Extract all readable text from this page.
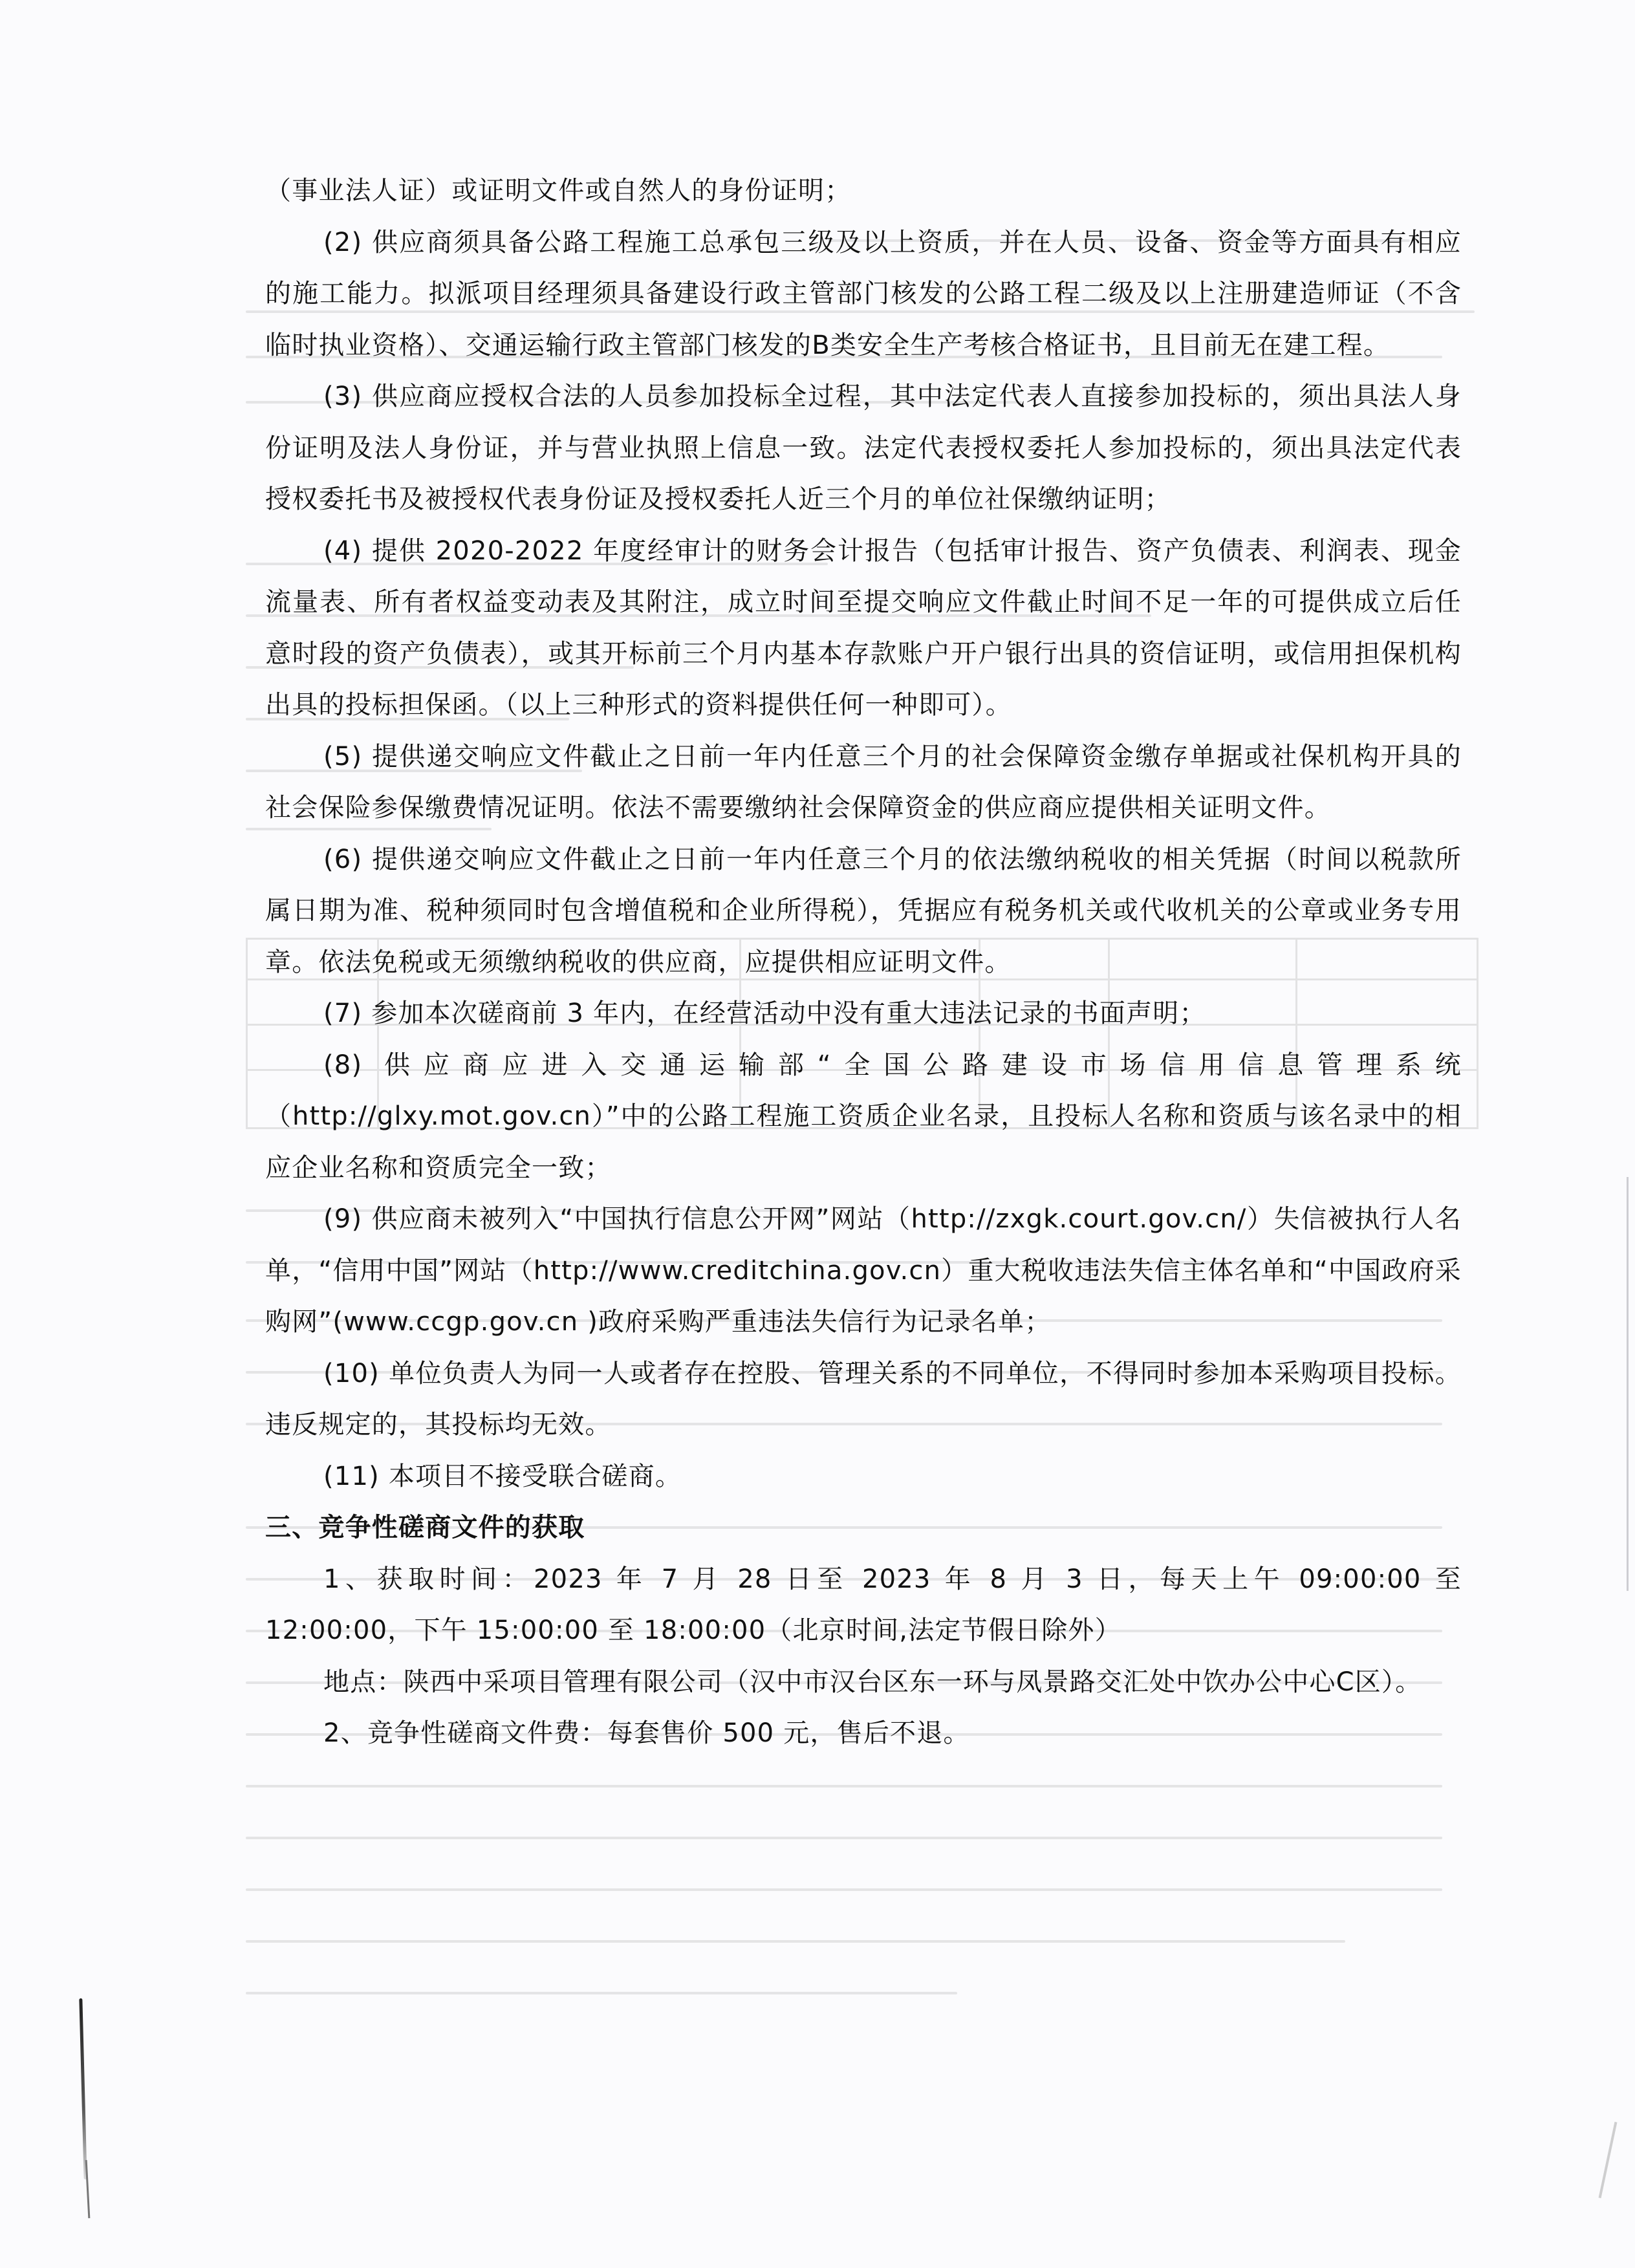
（事业法人证）或证明文件或自然人的身份证明；

(2) 供应商须具备公路工程施工总承包三级及以上资质，并在人员、设备、资金等方面具有相应的施工能力。拟派项目经理须具备建设行政主管部门核发的公路工程二级及以上注册建造师证（不含临时执业资格）、交通运输行政主管部门核发的B类安全生产考核合格证书，且目前无在建工程。

(3) 供应商应授权合法的人员参加投标全过程，其中法定代表人直接参加投标的，须出具法人身份证明及法人身份证，并与营业执照上信息一致。法定代表授权委托人参加投标的，须出具法定代表授权委托书及被授权代表身份证及授权委托人近三个月的单位社保缴纳证明；

(4) 提供 2020-2022 年度经审计的财务会计报告（包括审计报告、资产负债表、利润表、现金流量表、所有者权益变动表及其附注，成立时间至提交响应文件截止时间不足一年的可提供成立后任意时段的资产负债表），或其开标前三个月内基本存款账户开户银行出具的资信证明，或信用担保机构出具的投标担保函。（以上三种形式的资料提供任何一种即可）。

(5) 提供递交响应文件截止之日前一年内任意三个月的社会保障资金缴存单据或社保机构开具的社会保险参保缴费情况证明。依法不需要缴纳社会保障资金的供应商应提供相关证明文件。

(6) 提供递交响应文件截止之日前一年内任意三个月的依法缴纳税收的相关凭据（时间以税款所属日期为准、税种须同时包含增值税和企业所得税），凭据应有税务机关或代收机关的公章或业务专用章。依法免税或无须缴纳税收的供应商，应提供相应证明文件。

(7) 参加本次磋商前 3 年内，在经营活动中没有重大违法记录的书面声明；

(8) 供应商应进入交通运输部“全国公路建设市场信用信息管理系统（http://glxy.mot.gov.cn）”中的公路工程施工资质企业名录，且投标人名称和资质与该名录中的相应企业名称和资质完全一致；

(9) 供应商未被列入“中国执行信息公开网”网站（http://zxgk.court.gov.cn/）失信被执行人名单，“信用中国”网站（http://www.creditchina.gov.cn）重大税收违法失信主体名单和“中国政府采购网”(www.ccgp.gov.cn )政府采购严重违法失信行为记录名单；

(10) 单位负责人为同一人或者存在控股、管理关系的不同单位，不得同时参加本采购项目投标。违反规定的，其投标均无效。

(11) 本项目不接受联合磋商。

三、竞争性磋商文件的获取

1、获取时间：2023 年 7 月 28 日至 2023 年 8 月 3 日，每天上午 09:00:00 至 12:00:00，下午 15:00:00 至 18:00:00（北京时间,法定节假日除外）

地点：陕西中采项目管理有限公司（汉中市汉台区东一环与凤景路交汇处中饮办公中心C区）。

2、竞争性磋商文件费：每套售价 500 元，售后不退。
